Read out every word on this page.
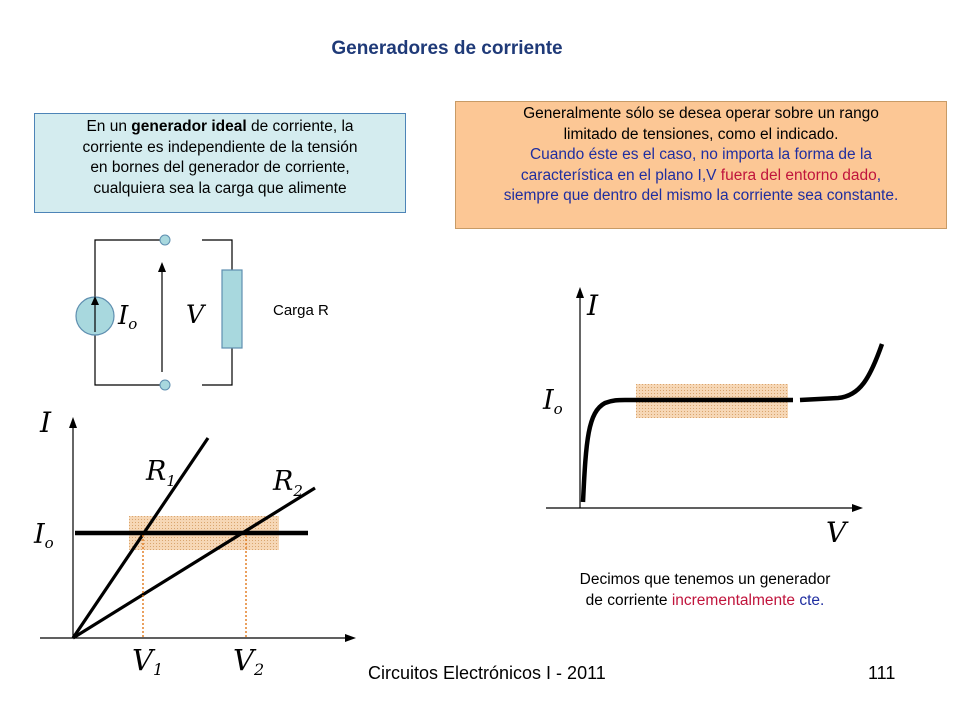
Generadores de corriente
En un generador ideal de corriente, la
corriente es independiente de la tensión
en bornes del generador de corriente,
cualquiera sea la carga que alimente
Generalmente sólo se desea operar sobre un rango
limitado de tensiones, como el indicado.
Cuando éste es el caso, no importa la forma de la
característica en el plano I,V fuera del entorno dado,
siempre que dentro del mismo la corriente sea constante.
Io V
I
Io
$R_1$	$R_2$
V1 V2
I
V
Io
Carga R
Decimos que tenemos un generador
de corriente incrementalmente cte.
Circuitos Electrónicos I - 2011	111
